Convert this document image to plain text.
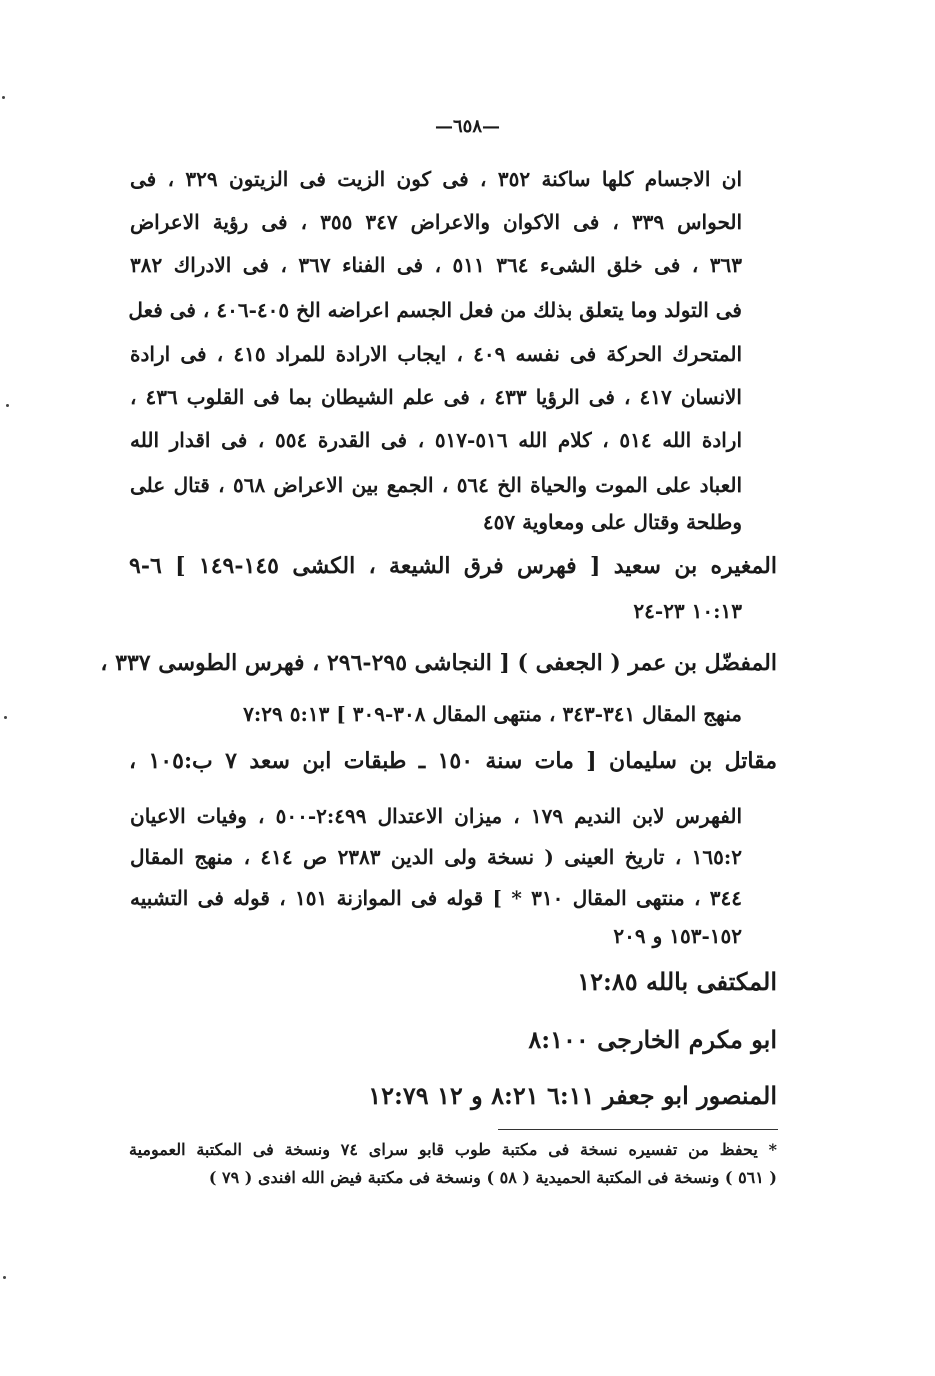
—٦٥٨—
ان الاجسام كلها ساكنة ٣٥٢ ، فى كون الزيت فى الزيتون ٣٢٩ ، فى
الحواس ٣٣٩ ، فى الاكوان والاعراض ٣٤٧ ٣٥٥ ، فى رؤية الاعراض
٣٦٣ ، فى خلق الشىء ٣٦٤ ٥١١ ، فى الفناء ٣٦٧ ، فى الادراك ٣٨٢
فى التولد وما يتعلق بذلك من فعل الجسم اعراضه الخ ٤٠٥-٤٠٦ ، فى فعل
المتحرك الحركة فى نفسه ٤٠٩ ، ايجاب الارادة للمراد ٤١٥ ، فى ارادة
الانسان ٤١٧ ، فى الرؤيا ٤٣٣ ، فى علم الشيطان بما فى القلوب ٤٣٦ ،
ارادة الله ٥١٤ ، كلام الله ٥١٦-٥١٧ ، فى القدرة ٥٥٤ ، فى اقدار الله
العباد على الموت والحياة الخ ٥٦٤ ، الجمع بين الاعراض ٥٦٨ ، قتال على
وطلحة وقتال على ومعاوية ٤٥٧
المغيره بن سعيد [ فهرس فرق الشيعة ، الكشى ١٤٥-١٤٩ ] ٦-٩
١٠:١٣ ٢٣-٢٤
المفضّل بن عمر ( الجعفى ) [ النجاشى ٢٩٥-٢٩٦ ، فهرس الطوسى ٣٣٧ ،
منهج المقال ٣٤١-٣٤٣ ، منتهى المقال ٣٠٨-٣٠٩ ] ٥:١٣ ٧:٢٩
مقاتل بن سليمان [ مات سنة ١٥٠ ـ طبقات ابن سعد ٧ ب:١٠٥ ،
الفهرس لابن النديم ١٧٩ ، ميزان الاعتدال ٢:٤٩٩-٥٠٠ ، وفيات الاعيان
١٦٥:٢ ، تاريخ العينى ( نسخة ولى الدين ٢٣٨٣ ص ٤١٤ ، منهج المقال
٣٤٤ ، منتهى المقال ٣١٠ * ] قوله فى الموازنة ١٥١ ، قوله فى التشبيه
١٥٢-١٥٣ و ٢٠٩
المكتفى بالله ١٢:٨٥
ابو مكرم الخارجى ٨:١٠٠
المنصور ابو جعفر ٦:١١ ٨:٢١ و ١٢ ١٢:٧٩
* يحفظ من تفسيره نسخة فى مكتبة طوب قابو سراى ٧٤ ونسخة فى المكتبة العمومية
( ٥٦١ ) ونسخة فى المكتبة الحميدية ( ٥٨ ) ونسخة فى مكتبة فيض الله افندى ( ٧٩ )
